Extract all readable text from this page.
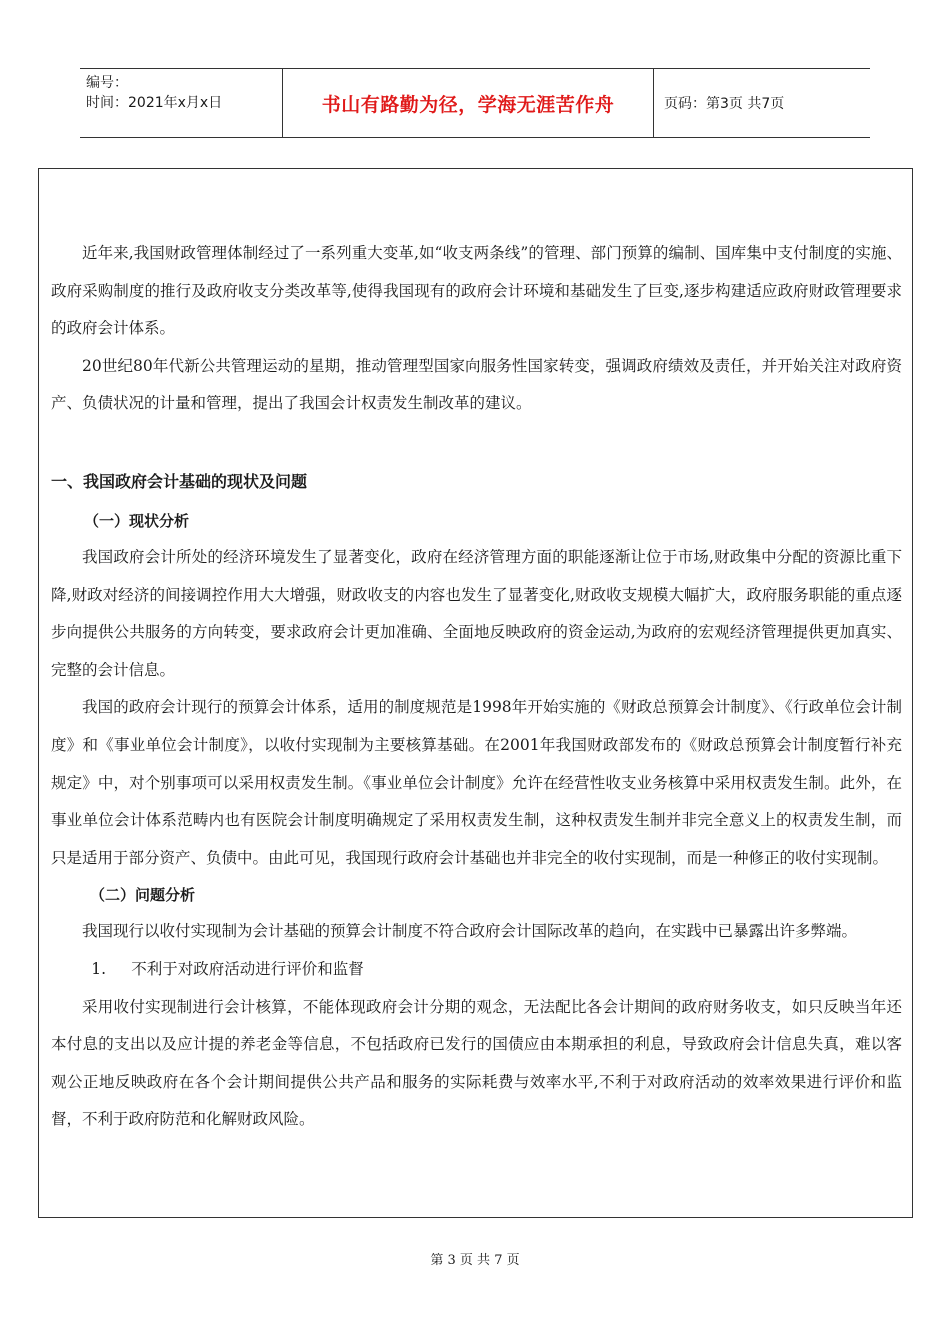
编号：
时间：2021年x月x日	书山有路勤为径，学海无涯苦作舟	页码：第3页 共7页

近年来,我国财政管理体制经过了一系列重大变革,如“收支两条线”的管理、部门预算的编制、国库集中支付制度的实施、政府采购制度的推行及政府收支分类改革等,使得我国现有的政府会计环境和基础发生了巨变,逐步构建适应政府财政管理要求的政府会计体系。

20世纪80年代新公共管理运动的星期，推动管理型国家向服务性国家转变，强调政府绩效及责任，并开始关注对政府资产、负债状况的计量和管理，提出了我国会计权责发生制改革的建议。

一、我国政府会计基础的现状及问题

（一）现状分析

我国政府会计所处的经济环境发生了显著变化，政府在经济管理方面的职能逐渐让位于市场,财政集中分配的资源比重下降,财政对经济的间接调控作用大大增强，财政收支的内容也发生了显著变化,财政收支规模大幅扩大，政府服务职能的重点逐步向提供公共服务的方向转变，要求政府会计更加准确、全面地反映政府的资金运动,为政府的宏观经济管理提供更加真实、完整的会计信息。

我国的政府会计现行的预算会计体系，适用的制度规范是1998年开始实施的《财政总预算会计制度》、《行政单位会计制度》和《事业单位会计制度》，以收付实现制为主要核算基础。在2001年我国财政部发布的《财政总预算会计制度暂行补充规定》中，对个别事项可以采用权责发生制。《事业单位会计制度》允许在经营性收支业务核算中采用权责发生制。此外，在事业单位会计体系范畴内也有医院会计制度明确规定了采用权责发生制，这种权责发生制并非完全意义上的权责发生制，而只是适用于部分资产、负债中。由此可见，我国现行政府会计基础也并非完全的收付实现制，而是一种修正的收付实现制。

（二）问题分析

我国现行以收付实现制为会计基础的预算会计制度不符合政府会计国际改革的趋向，在实践中已暴露出许多弊端。

1. 不利于对政府活动进行评价和监督

采用收付实现制进行会计核算，不能体现政府会计分期的观念，无法配比各会计期间的政府财务收支，如只反映当年还本付息的支出以及应计提的养老金等信息，不包括政府已发行的国债应由本期承担的利息，导致政府会计信息失真，难以客观公正地反映政府在各个会计期间提供公共产品和服务的实际耗费与效率水平,不利于对政府活动的效率效果进行评价和监督，不利于政府防范和化解财政风险。

第 3 页 共 7 页
